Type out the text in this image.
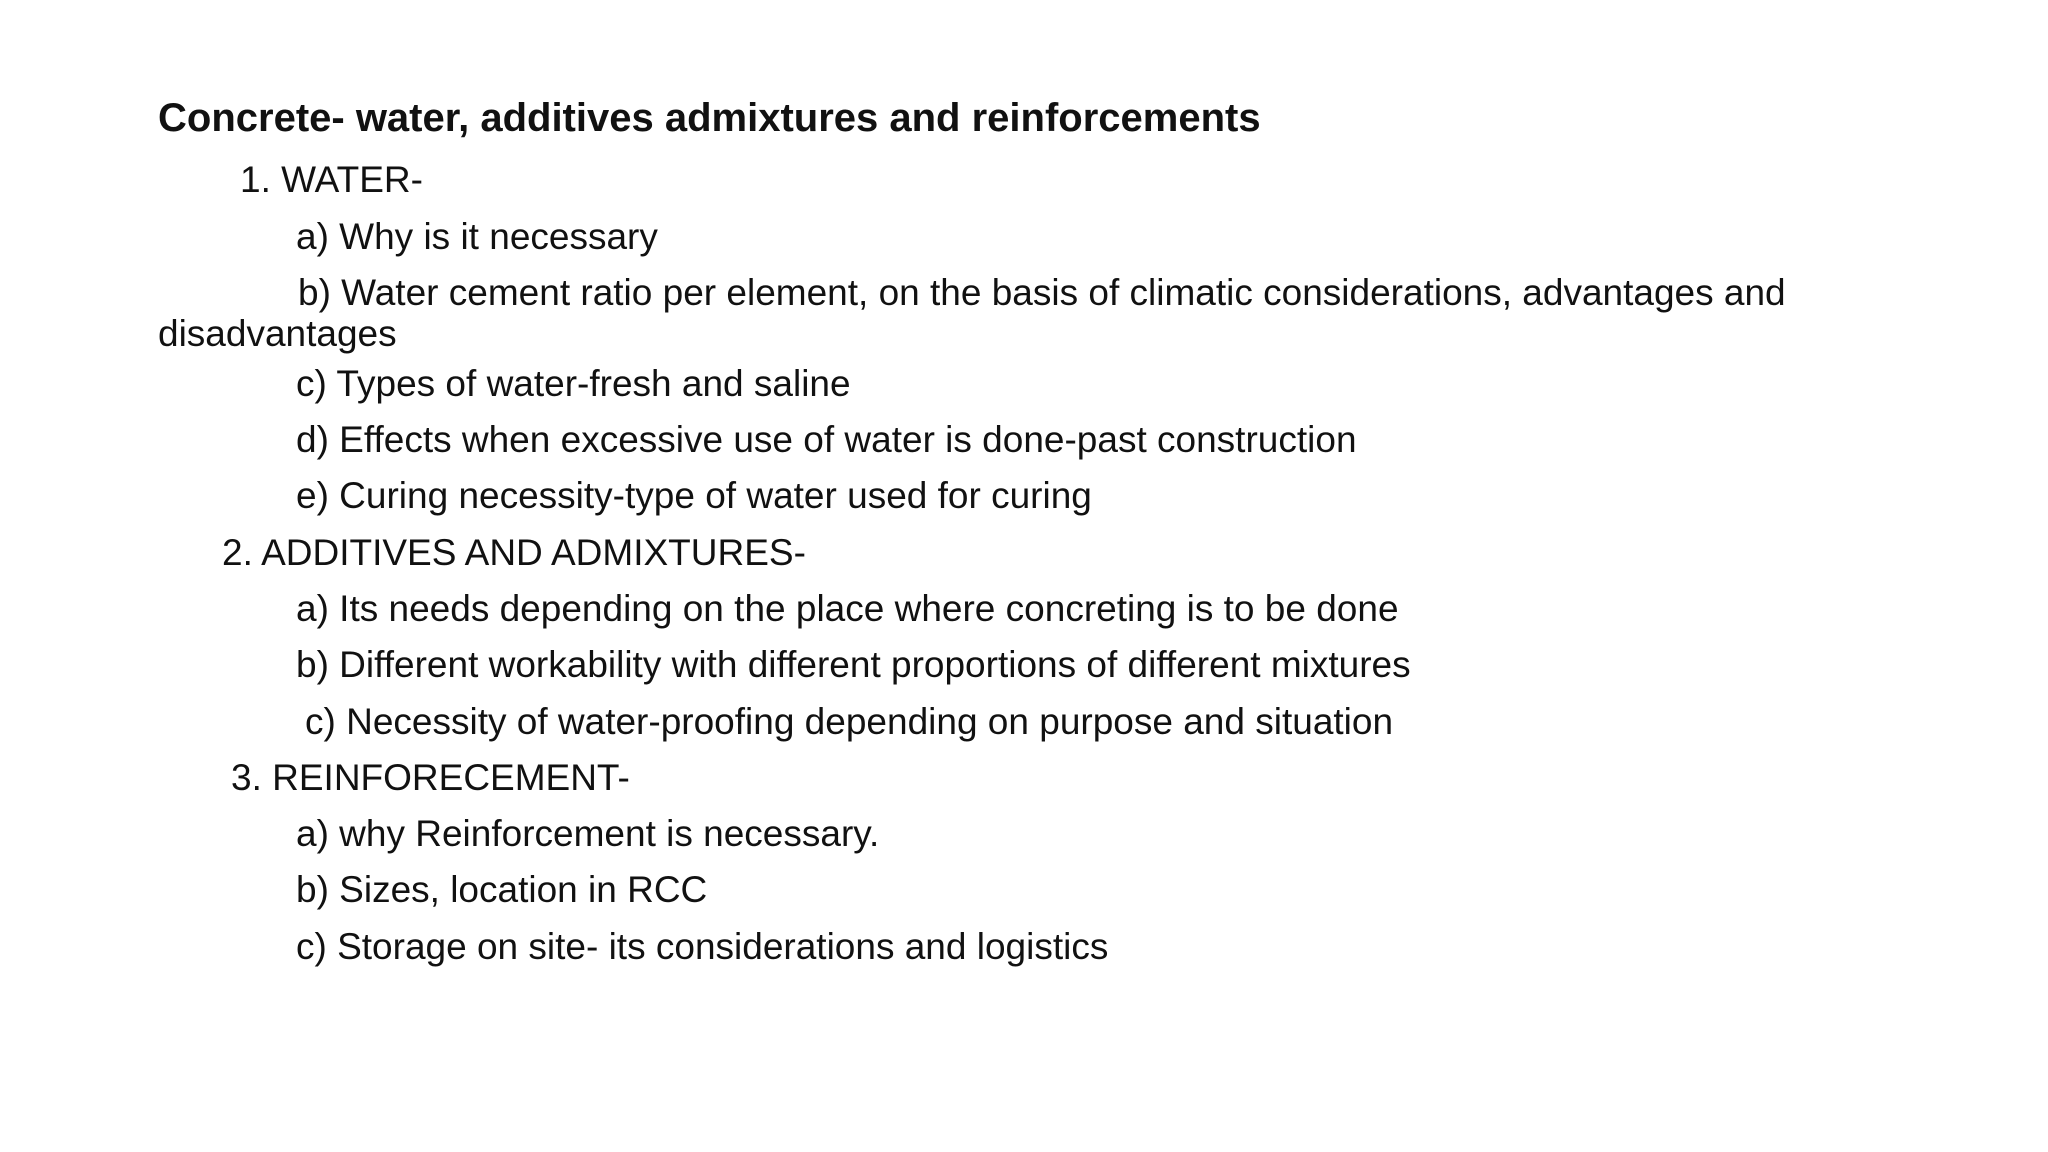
Concrete- water, additives admixtures and reinforcements
1. WATER-
a) Why is it necessary
b) Water cement ratio per element, on the basis of climatic considerations, advantages and
disadvantages
c) Types of water-fresh and saline
d) Effects when excessive use of water is done-past construction
e) Curing necessity-type of water used for curing
2. ADDITIVES AND ADMIXTURES-
a) Its needs depending on the place where concreting is to be done
b) Different workability with different proportions of different mixtures
c) Necessity of water-proofing depending on purpose and situation
3. REINFORECEMENT-
a) why Reinforcement is necessary.
b) Sizes, location in RCC
c) Storage on site- its considerations and logistics
